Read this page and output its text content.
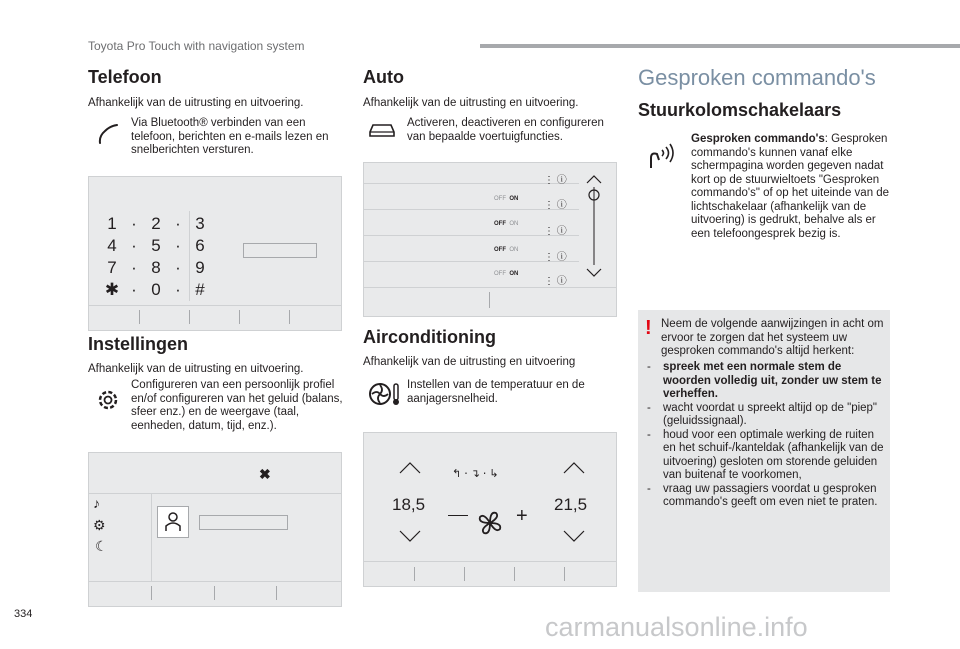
Toyota Pro Touch with navigation system
Telefoon
Afhankelijk van de uitrusting en uitvoering.
Via Bluetooth® verbinden van een telefoon, berichten en e-mails lezen en snelberichten versturen.
1 · 2 · 3
4 · 5 · 6
7 · 8 · 9
✱ · 0 · #
Instellingen
Afhankelijk van de uitrusting en uitvoering.
Configureren van een persoonlijk profiel en/of configureren van het geluid (balans, sfeer enz.) en de weergave (taal, eenheden, datum, tijd, enz.).
✖
♪
⚙
☾
Auto
Afhankelijk van de uitrusting en uitvoering.
Activeren, deactiveren en configureren van bepaalde voertuigfuncties.
⋮ ⓘ
OFF ON
⋮ ⓘ
OFF ON
⋮ ⓘ
OFF ON
⋮ ⓘ
OFF ON
⋮ ⓘ
Airconditioning
Afhankelijk van de uitrusting en uitvoering
Instellen van de temperatuur en de aanjagersnelheid.
18,5
↰⋅↴⋅↳
+
21,5
Gesproken commando's
Stuurkolomschakelaars
Gesproken commando's: Gesproken commando's kunnen vanaf elke schermpagina worden gegeven nadat kort op de stuurwieltoets "Gesproken commando's" of op het uiteinde van de lichtschakelaar (afhankelijk van de uitvoering) is gedrukt, behalve als er een telefoongesprek bezig is.
! Neem de volgende aanwijzingen in acht om ervoor te zorgen dat het systeem uw gesproken commando's altijd herkent:
- spreek met een normale stem de woorden volledig uit, zonder uw stem te verheffen.
- wacht voordat u spreekt altijd op de "piep" (geluidssignaal).
- houd voor een optimale werking de ruiten en het schuif-/kanteldak (afhankelijk van de uitvoering) gesloten om storende geluiden van buitenaf te voorkomen,
- vraag uw passagiers voordat u gesproken commando's geeft om even niet te praten.
334	carmanualsonline.info
